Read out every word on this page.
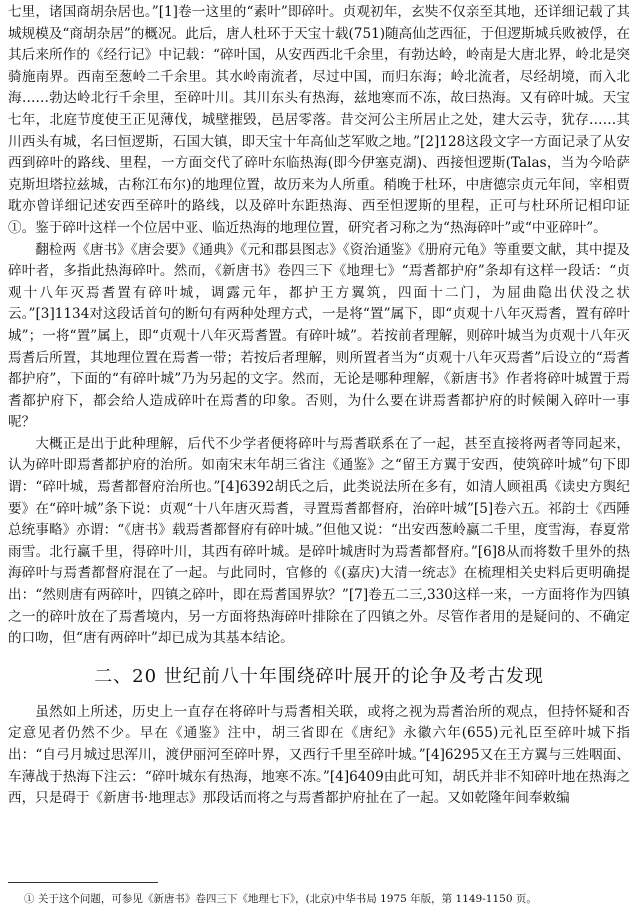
七里，诸国商胡杂居也。”[1]卷一这里的“素叶”即碎叶。贞观初年，玄奘不仅亲至其地，还详细记载了其城规模及“商胡杂居”的概况。此后，唐人杜环于天宝十载(751)随高仙芝西征，于但逻斯城兵败被俘，在其后来所作的《经行记》中记载：“碎叶国，从安西西北千余里，有勃达岭，岭南是大唐北界，岭北是突骑施南界。西南至葱岭二千余里。其水岭南流者，尽过中国，而归东海；岭北流者，尽经胡境，而入北海……勃达岭北行千余里，至碎叶川。其川东头有热海，兹地寒而不冻，故曰热海。又有碎叶城。天宝七年，北庭节度使王正见薄伐，城壁摧毁，邑居零落。昔交河公主所居止之处，建大云寺，犹存……其川西头有城，名曰恒逻斯，石国大镇，即天宝十年高仙芝军败之地。”[2]128这段文字一方面记录了从安西到碎叶的路线、里程，一方面交代了碎叶东临热海(即今伊塞克湖)、西接怛逻斯(Talas，当为今哈萨克斯坦塔拉兹城，古称江布尔)的地理位置，故历来为人所重。稍晚于杜环，中唐德宗贞元年间，宰相贾耽亦曾详细记述安西至碎叶的路线，以及碎叶东距热海、西至怛逻斯的里程，正可与杜环所记相印证①。鉴于碎叶这样一个位居中亚、临近热海的地理位置，研究者习称之为“热海碎叶”或“中亚碎叶”。

翻检两《唐书》《唐会要》《通典》《元和郡县图志》《资治通鉴》《册府元龟》等重要文献，其中提及碎叶者，多指此热海碎叶。然而，《新唐书》卷四三下《地理七》“焉耆都护府”条却有这样一段话：“贞观十八年灭焉耆置有碎叶城，调露元年，都护王方翼筑，四面十二门，为屈曲隐出伏没之状云。”[3]1134对这段话首句的断句有两种处理方式，一是将“置”属下，即“贞观十八年灭焉耆，置有碎叶城”；一将“置”属上，即“贞观十八年灭焉耆置。有碎叶城”。若按前者理解，则碎叶城当为贞观十八年灭焉耆后所置，其地理位置在焉耆一带；若按后者理解，则所置者当为“贞观十八年灭焉耆”后设立的“焉耆都护府”，下面的“有碎叶城”乃为另起的文字。然而，无论是哪种理解，《新唐书》作者将碎叶城置于焉耆都护府下，都会给人造成碎叶在焉耆的印象。否则，为什么要在讲焉耆都护府的时候阑入碎叶一事呢？

大概正是出于此种理解，后代不少学者便将碎叶与焉耆联系在了一起，甚至直接将两者等同起来，认为碎叶即焉耆都护府的治所。如南宋末年胡三省注《通鉴》之“留王方翼于安西，使筑碎叶城”句下即谓：“碎叶城，焉耆都督府治所也。”[4]6392胡氏之后，此类说法所在多有，如清人顾祖禹《读史方舆纪要》在“碎叶城”条下说：贞观“十八年唐灭焉耆，寻置焉耆都督府，治碎叶城”[5]卷六五。祁韵士《西陲总统事略》亦谓：“《唐书》载焉耆都督府有碎叶城。”但他又说：“出安西葱岭赢二千里，度雪海，春夏常雨雪。北行赢千里，得碎叶川，其西有碎叶城。是碎叶城唐时为焉耆都督府。”[6]8从而将数千里外的热海碎叶与焉耆都督府混在了一起。与此同时，官修的《(嘉庆)大清一统志》在梳理相关史料后更明确提出：“然则唐有两碎叶，四镇之碎叶，即在焉耆国界欤？”[7]卷五二三,330这样一来，一方面将作为四镇之一的碎叶放在了焉耆境内，另一方面将热海碎叶排除在了四镇之外。尽管作者用的是疑问的、不确定的口吻，但“唐有两碎叶”却已成为其基本结论。

二、20 世纪前八十年围绕碎叶展开的论争及考古发现

虽然如上所述，历史上一直存在将碎叶与焉耆相关联，或将之视为焉耆治所的观点，但持怀疑和否定意见者仍然不少。早在《通鉴》注中，胡三省即在《唐纪》永徽六年(655)元礼臣至碎叶城下指出：“自弓月城过思浑川，渡伊丽河至碎叶界，又西行千里至碎叶城。”[4]6295又在王方翼与三姓咽面、车薄战于热海下注云：“碎叶城东有热海，地寒不冻。”[4]6409由此可知，胡氏并非不知碎叶地在热海之西，只是碍于《新唐书·地理志》那段话而将之与焉耆都护府扯在了一起。又如乾隆年间奉敕编

① 关于这个问题，可参见《新唐书》卷四三下《地理七下》，(北京)中华书局 1975 年版，第 1149-1150 页。
